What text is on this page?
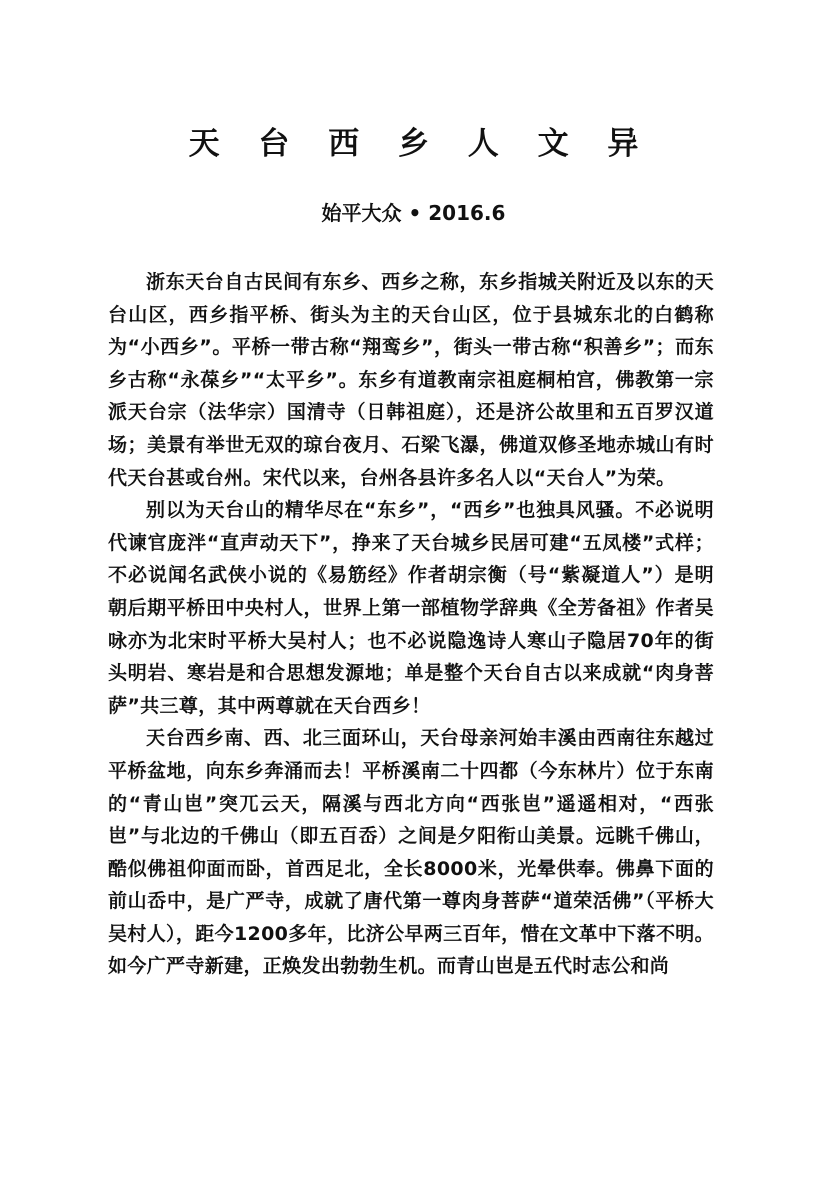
天 台 西 乡 人 文 异
始平大众 • 2016.6

浙东天台自古民间有东乡、西乡之称，东乡指城关附近及以东的天台山区，西乡指平桥、街头为主的天台山区，位于县城东北的白鹤称为“小西乡”。平桥一带古称“翔鸾乡”，街头一带古称“积善乡”；而东乡古称“永葆乡”“太平乡”。东乡有道教南宗祖庭桐柏宫，佛教第一宗派天台宗（法华宗）国清寺（日韩祖庭），还是济公故里和五百罗汉道场；美景有举世无双的琼台夜月、石梁飞瀑，佛道双修圣地赤城山有时代天台甚或台州。宋代以来，台州各县许多名人以“天台人”为荣。

别以为天台山的精华尽在“东乡”，“西乡”也独具风骚。不必说明代谏官庞泮“直声动天下”，挣来了天台城乡民居可建“五凤楼”式样；不必说闻名武侠小说的《易筋经》作者胡宗衡（号“紫凝道人”）是明朝后期平桥田中央村人，世界上第一部植物学辞典《全芳备祖》作者吴咏亦为北宋时平桥大吴村人；也不必说隐逸诗人寒山子隐居70年的街头明岩、寒岩是和合思想发源地；单是整个天台自古以来成就“肉身菩萨”共三尊，其中两尊就在天台西乡！

天台西乡南、西、北三面环山，天台母亲河始丰溪由西南往东越过平桥盆地，向东乡奔涌而去！平桥溪南二十四都（今东林片）位于东南的“青山岜”突兀云天，隔溪与西北方向“西张岜”遥遥相对，“西张岜”与北边的千佛山（即五百岙）之间是夕阳衔山美景。远眺千佛山，酷似佛祖仰面而卧，首西足北，全长8000米，光晕供奉。佛鼻下面的前山岙中，是广严寺，成就了唐代第一尊肉身菩萨“道荣活佛”（平桥大吴村人），距今1200多年，比济公早两三百年，惜在文革中下落不明。如今广严寺新建，正焕发出勃勃生机。而青山岜是五代时志公和尚
